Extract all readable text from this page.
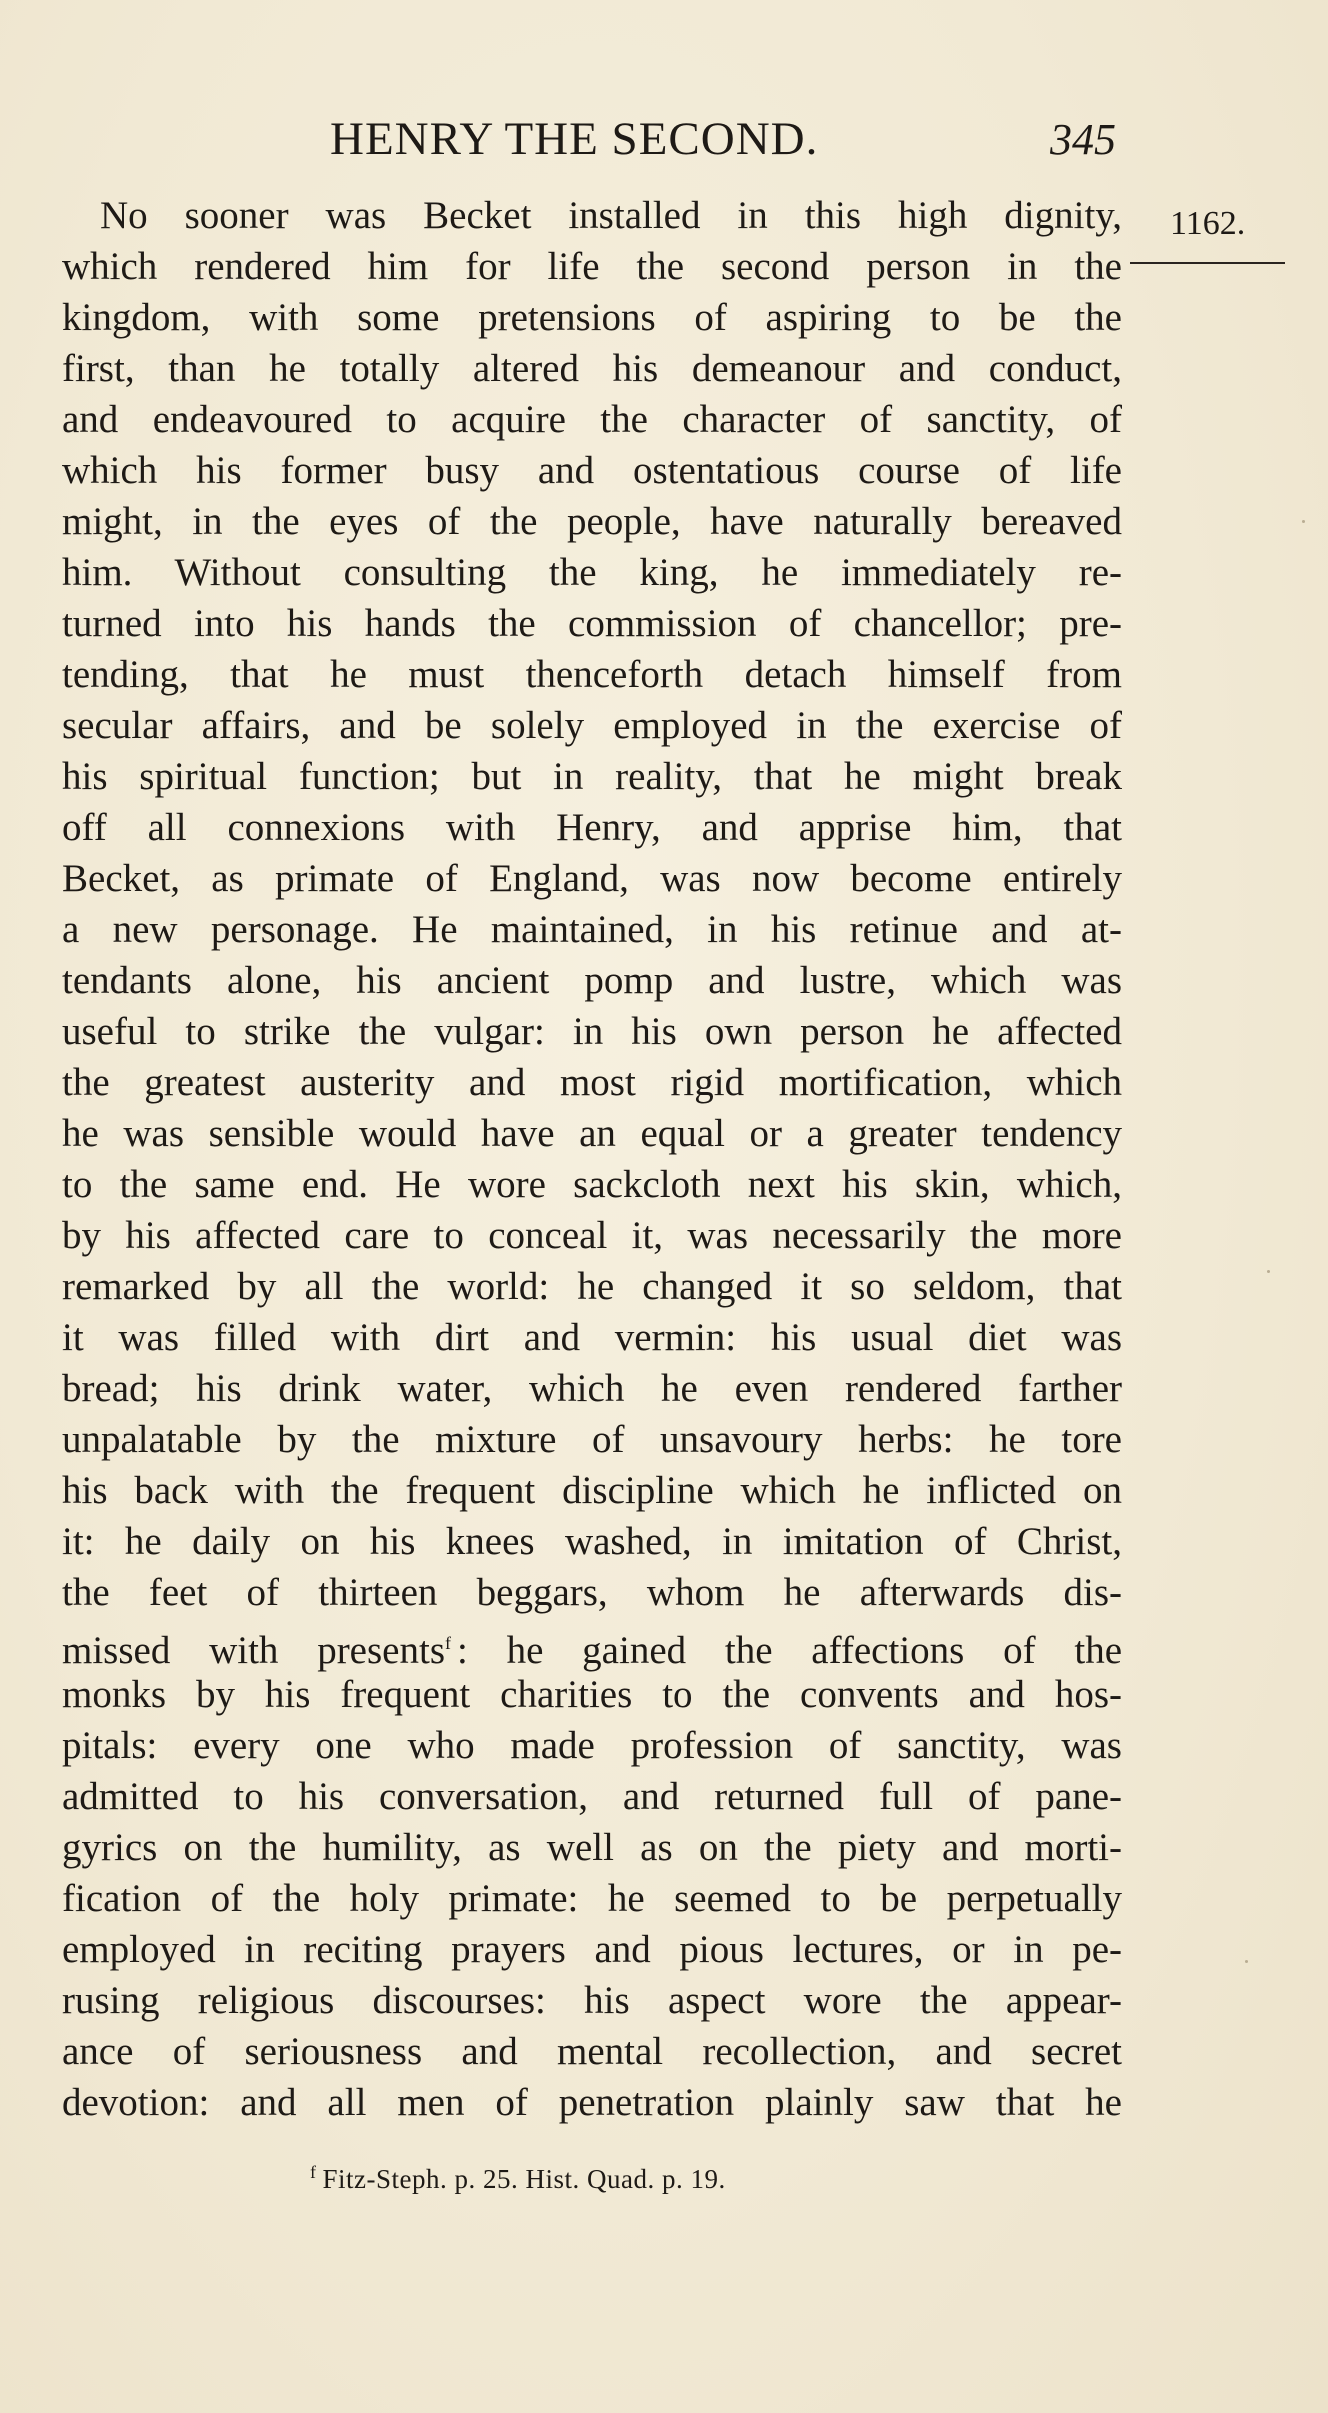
HENRY THE SECOND.	345
1162.
No sooner was Becket installed in this high dignity,
which rendered him for life the second person in the
kingdom, with some pretensions of aspiring to be the
first, than he totally altered his demeanour and conduct,
and endeavoured to acquire the character of sanctity, of
which his former busy and ostentatious course of life
might, in the eyes of the people, have naturally bereaved
him. Without consulting the king, he immediately re-
turned into his hands the commission of chancellor; pre-
tending, that he must thenceforth detach himself from
secular affairs, and be solely employed in the exercise of
his spiritual function; but in reality, that he might break
off all connexions with Henry, and apprise him, that
Becket, as primate of England, was now become entirely
a new personage. He maintained, in his retinue and at-
tendants alone, his ancient pomp and lustre, which was
useful to strike the vulgar: in his own person he affected
the greatest austerity and most rigid mortification, which
he was sensible would have an equal or a greater tendency
to the same end. He wore sackcloth next his skin, which,
by his affected care to conceal it, was necessarily the more
remarked by all the world: he changed it so seldom, that
it was filled with dirt and vermin: his usual diet was
bread; his drink water, which he even rendered farther
unpalatable by the mixture of unsavoury herbs: he tore
his back with the frequent discipline which he inflicted on
it: he daily on his knees washed, in imitation of Christ,
the feet of thirteen beggars, whom he afterwards dis-
missed with presents$^f$ : he gained the affections of the
monks by his frequent charities to the convents and hos-
pitals: every one who made profession of sanctity, was
admitted to his conversation, and returned full of pane-
gyrics on the humility, as well as on the piety and morti-
fication of the holy primate: he seemed to be perpetually
employed in reciting prayers and pious lectures, or in pe-
rusing religious discourses: his aspect wore the appear-
ance of seriousness and mental recollection, and secret
devotion: and all men of penetration plainly saw that he
$^f$ Fitz-Steph. p. 25. Hist. Quad. p. 19.
